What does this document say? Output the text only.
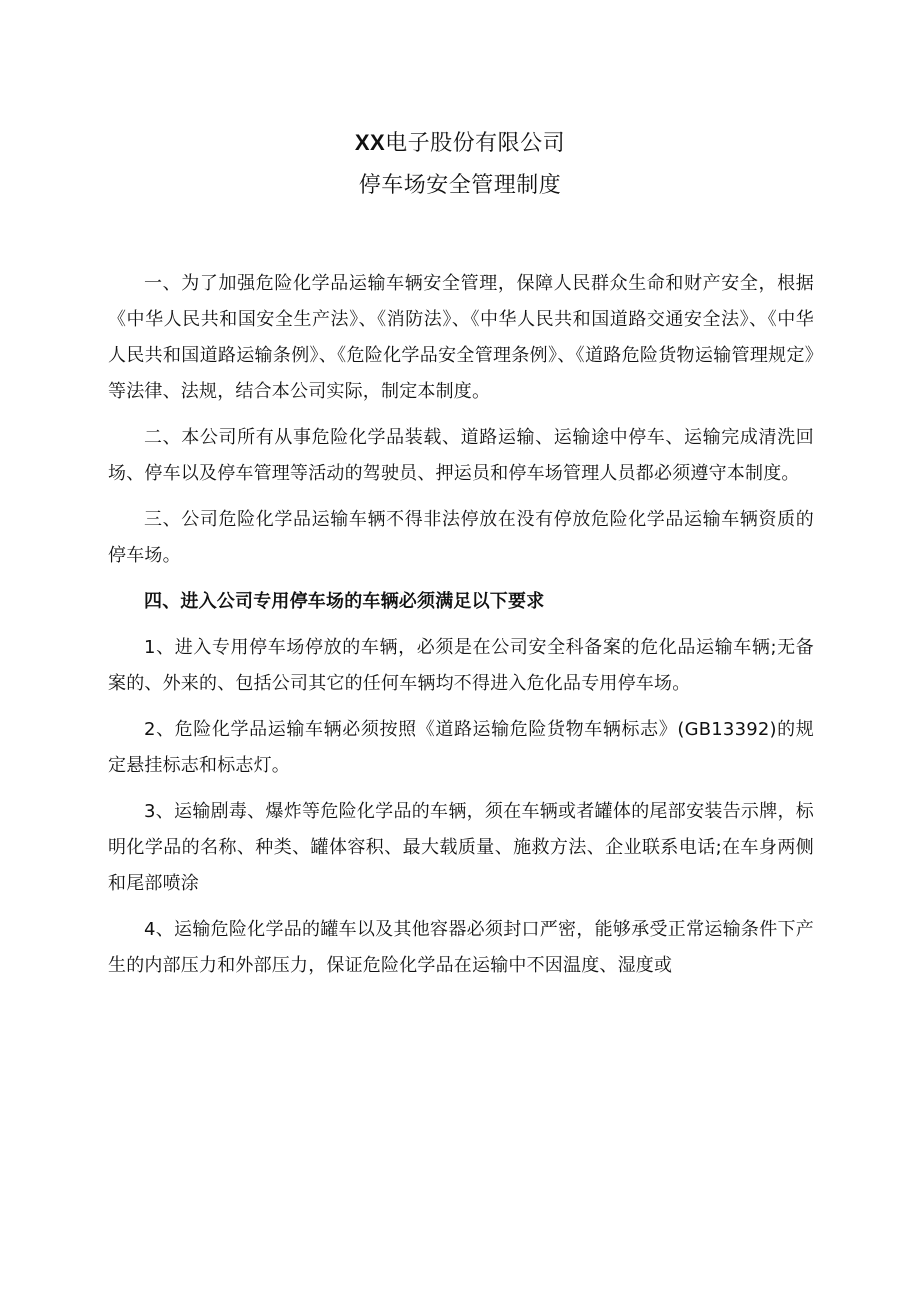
XX电子股份有限公司
停车场安全管理制度

一、为了加强危险化学品运输车辆安全管理，保障人民群众生命和财产安全，根据《中华人民共和国安全生产法》、《消防法》、《中华人民共和国道路交通安全法》、《中华人民共和国道路运输条例》、《危险化学品安全管理条例》、《道路危险货物运输管理规定》等法律、法规，结合本公司实际，制定本制度。

二、本公司所有从事危险化学品装载、道路运输、运输途中停车、运输完成清洗回场、停车以及停车管理等活动的驾驶员、押运员和停车场管理人员都必须遵守本制度。

三、公司危险化学品运输车辆不得非法停放在没有停放危险化学品运输车辆资质的停车场。

四、进入公司专用停车场的车辆必须满足以下要求

1、进入专用停车场停放的车辆，必须是在公司安全科备案的危化品运输车辆;无备案的、外来的、包括公司其它的任何车辆均不得进入危化品专用停车场。

2、危险化学品运输车辆必须按照《道路运输危险货物车辆标志》(GB13392)的规定悬挂标志和标志灯。

3、运输剧毒、爆炸等危险化学品的车辆，须在车辆或者罐体的尾部安装告示牌，标明化学品的名称、种类、罐体容积、最大载质量、施救方法、企业联系电话;在车身两侧和尾部喷涂

4、运输危险化学品的罐车以及其他容器必须封口严密，能够承受正常运输条件下产生的内部压力和外部压力，保证危险化学品在运输中不因温度、湿度或
